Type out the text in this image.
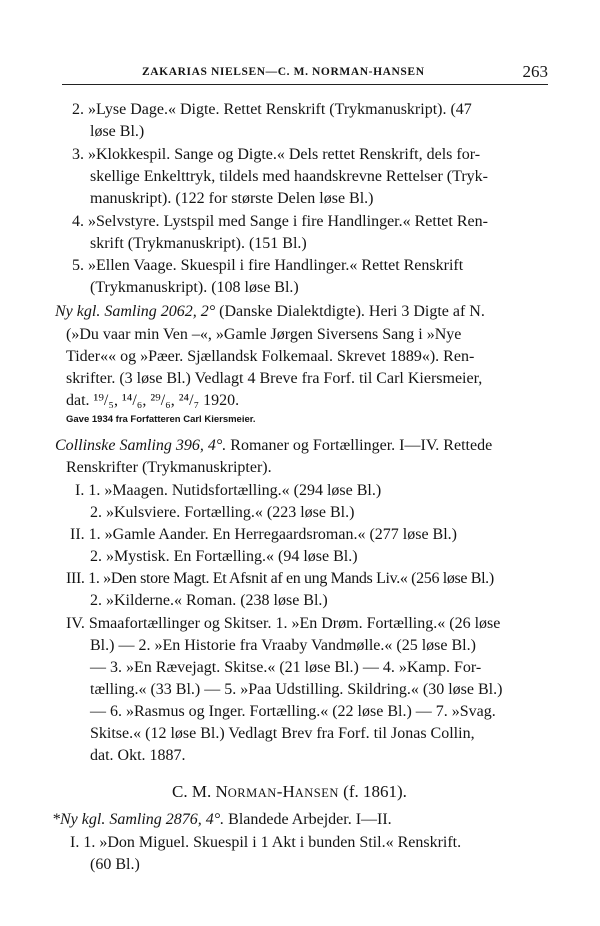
ZAKARIAS NIELSEN—C. M. NORMAN-HANSEN	263

2. »Lyse Dage.« Digte. Rettet Renskrift (Trykmanuskript). (47

løse Bl.)

3. »Klokkespil. Sange og Digte.« Dels rettet Renskrift, dels for-

skellige Enkelttryk, tildels med haandskrevne Rettelser (Tryk-

manuskript). (122 for største Delen løse Bl.)

4. »Selvstyre. Lystspil med Sange i fire Handlinger.« Rettet Ren-

skrift (Trykmanuskript). (151 Bl.)

5. »Ellen Vaage. Skuespil i fire Handlinger.« Rettet Renskrift

(Trykmanuskript). (108 løse Bl.)

Ny kgl. Samling 2062, 2° (Danske Dialektdigte). Heri 3 Digte af N.

(»Du vaar min Ven –«, »Gamle Jørgen Siversens Sang i »Nye

Tider«« og »Pæer. Sjællandsk Folkemaal. Skrevet 1889«). Ren-

skrifter. (3 løse Bl.) Vedlagt 4 Breve fra Forf. til Carl Kiersmeier,

dat. ¹⁹/₅, ¹⁴/₆, ²⁹/₆, ²⁴/₇ 1920.

Gave 1934 fra Forfatteren Carl Kiersmeier.

Collinske Samling 396, 4°. Romaner og Fortællinger. I—IV. Rettede

Renskrifter (Trykmanuskripter).

I. 1. »Maagen. Nutidsfortælling.« (294 løse Bl.)

2. »Kulsviere. Fortælling.« (223 løse Bl.)

II. 1. »Gamle Aander. En Herregaardsroman.« (277 løse Bl.)

2. »Mystisk. En Fortælling.« (94 løse Bl.)

III. 1. »Den store Magt. Et Afsnit af en ung Mands Liv.« (256 løse Bl.)

2. »Kilderne.« Roman. (238 løse Bl.)

IV. Smaafortællinger og Skitser. 1. »En Drøm. Fortælling.« (26 løse

Bl.) — 2. »En Historie fra Vraaby Vandmølle.« (25 løse Bl.)

— 3. »En Rævejagt. Skitse.« (21 løse Bl.) — 4. »Kamp. For-

tælling.« (33 Bl.) — 5. »Paa Udstilling. Skildring.« (30 løse Bl.)

— 6. »Rasmus og Inger. Fortælling.« (22 løse Bl.) — 7. »Svag.

Skitse.« (12 løse Bl.) Vedlagt Brev fra Forf. til Jonas Collin,

dat. Okt. 1887.

C. M. NORMAN-HANSEN (f. 1861).

*Ny kgl. Samling 2876, 4°. Blandede Arbejder. I—II.

I. 1. »Don Miguel. Skuespil i 1 Akt i bunden Stil.« Renskrift.

(60 Bl.)
